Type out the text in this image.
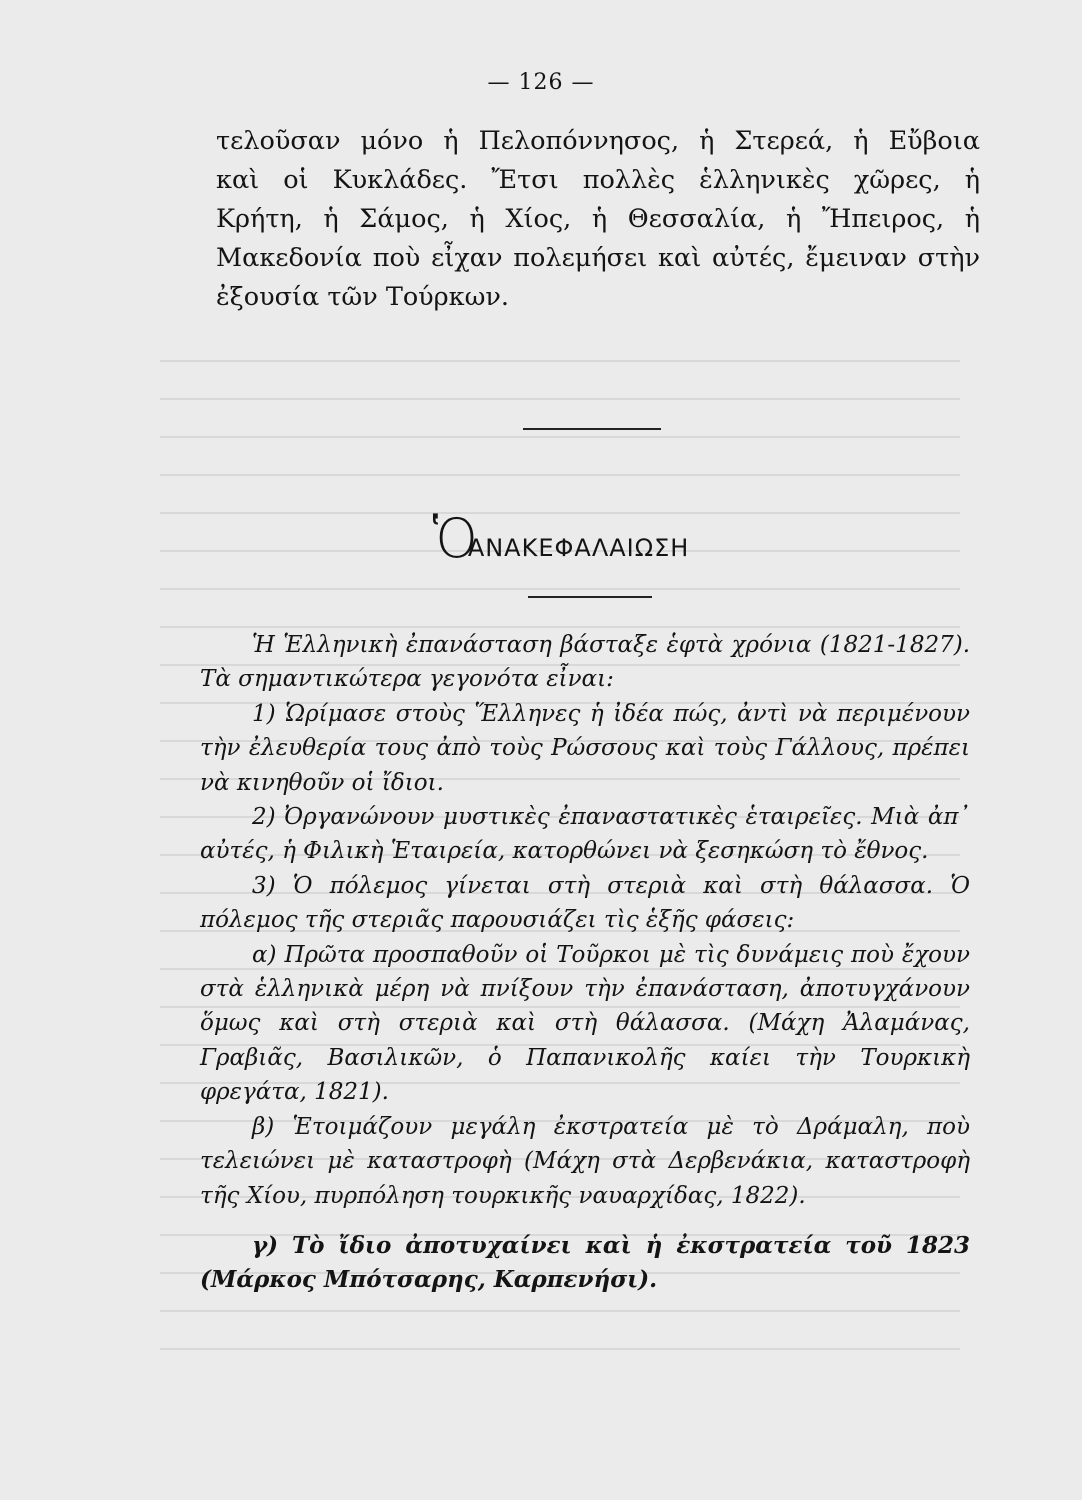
— 126 —
τελοῦσαν μόνο ἡ Πελοπόννησος, ἡ Στερεά, ἡ Εὔβοια
καὶ οἱ Κυκλάδες. Ἔτσι πολλὲς ἑλληνικὲς χῶρες, ἡ
Κρήτη, ἡ Σάμος, ἡ Χίος, ἡ Θεσσαλία, ἡ Ἤπειρος, ἡ
Μακεδονία ποὺ εἶχαν πολεμήσει καὶ αὐτές, ἔμειναν στὴν
ἐξουσία τῶν Τούρκων.
Ὁ
ΑΝΑΚΕΦΑΛΑΙΩΣΗ

Ἡ Ἑλληνικὴ ἐπανάσταση βάσταξε ἑφτὰ χρόνια (1821-1827). Τὰ σημαντικώτερα γεγονότα εἶναι:

1) Ὡρίμασε στοὺς Ἕλληνες ἡ ἰδέα πώς, ἀντὶ νὰ περιμένουν τὴν ἐλευθερία τους ἀπὸ τοὺς Ρώσσους καὶ τοὺς Γάλλους, πρέπει νὰ κινηθοῦν οἱ ἴδιοι.

2) Ὀργανώνουν μυστικὲς ἐπαναστατικὲς ἑταιρεῖες. Μιὰ ἀπ᾿ αὐτές, ἡ Φιλικὴ Ἑταιρεία, κατορθώνει νὰ ξεσηκώση τὸ ἔθνος.

3) Ὁ πόλεμος γίνεται στὴ στεριὰ καὶ στὴ θάλασσα. Ὁ πόλεμος τῆς στεριᾶς παρουσιάζει τὶς ἑξῆς φάσεις:

α) Πρῶτα προσπαθοῦν οἱ Τοῦρκοι μὲ τὶς δυνάμεις ποὺ ἔχουν στὰ ἑλληνικὰ μέρη νὰ πνίξουν τὴν ἐπανάσταση, ἀποτυγχάνουν ὅμως καὶ στὴ στεριὰ καὶ στὴ θάλασσα. (Μάχη Ἀλαμάνας, Γραβιᾶς, Βασιλικῶν, ὁ Παπανικολῆς καίει τὴν Τουρκικὴ φρεγάτα, 1821).

β) Ἑτοιμάζουν μεγάλη ἐκστρατεία μὲ τὸ Δράμαλη, ποὺ τελειώνει μὲ καταστροφὴ (Μάχη στὰ Δερβενάκια, καταστροφὴ τῆς Χίου, πυρπόληση τουρκικῆς ναυαρχίδας, 1822).

γ) Τὸ ἴδιο ἀποτυχαίνει καὶ ἡ ἐκστρατεία τοῦ 1823 (Μάρκος Μπότσαρης, Καρπενήσι).
